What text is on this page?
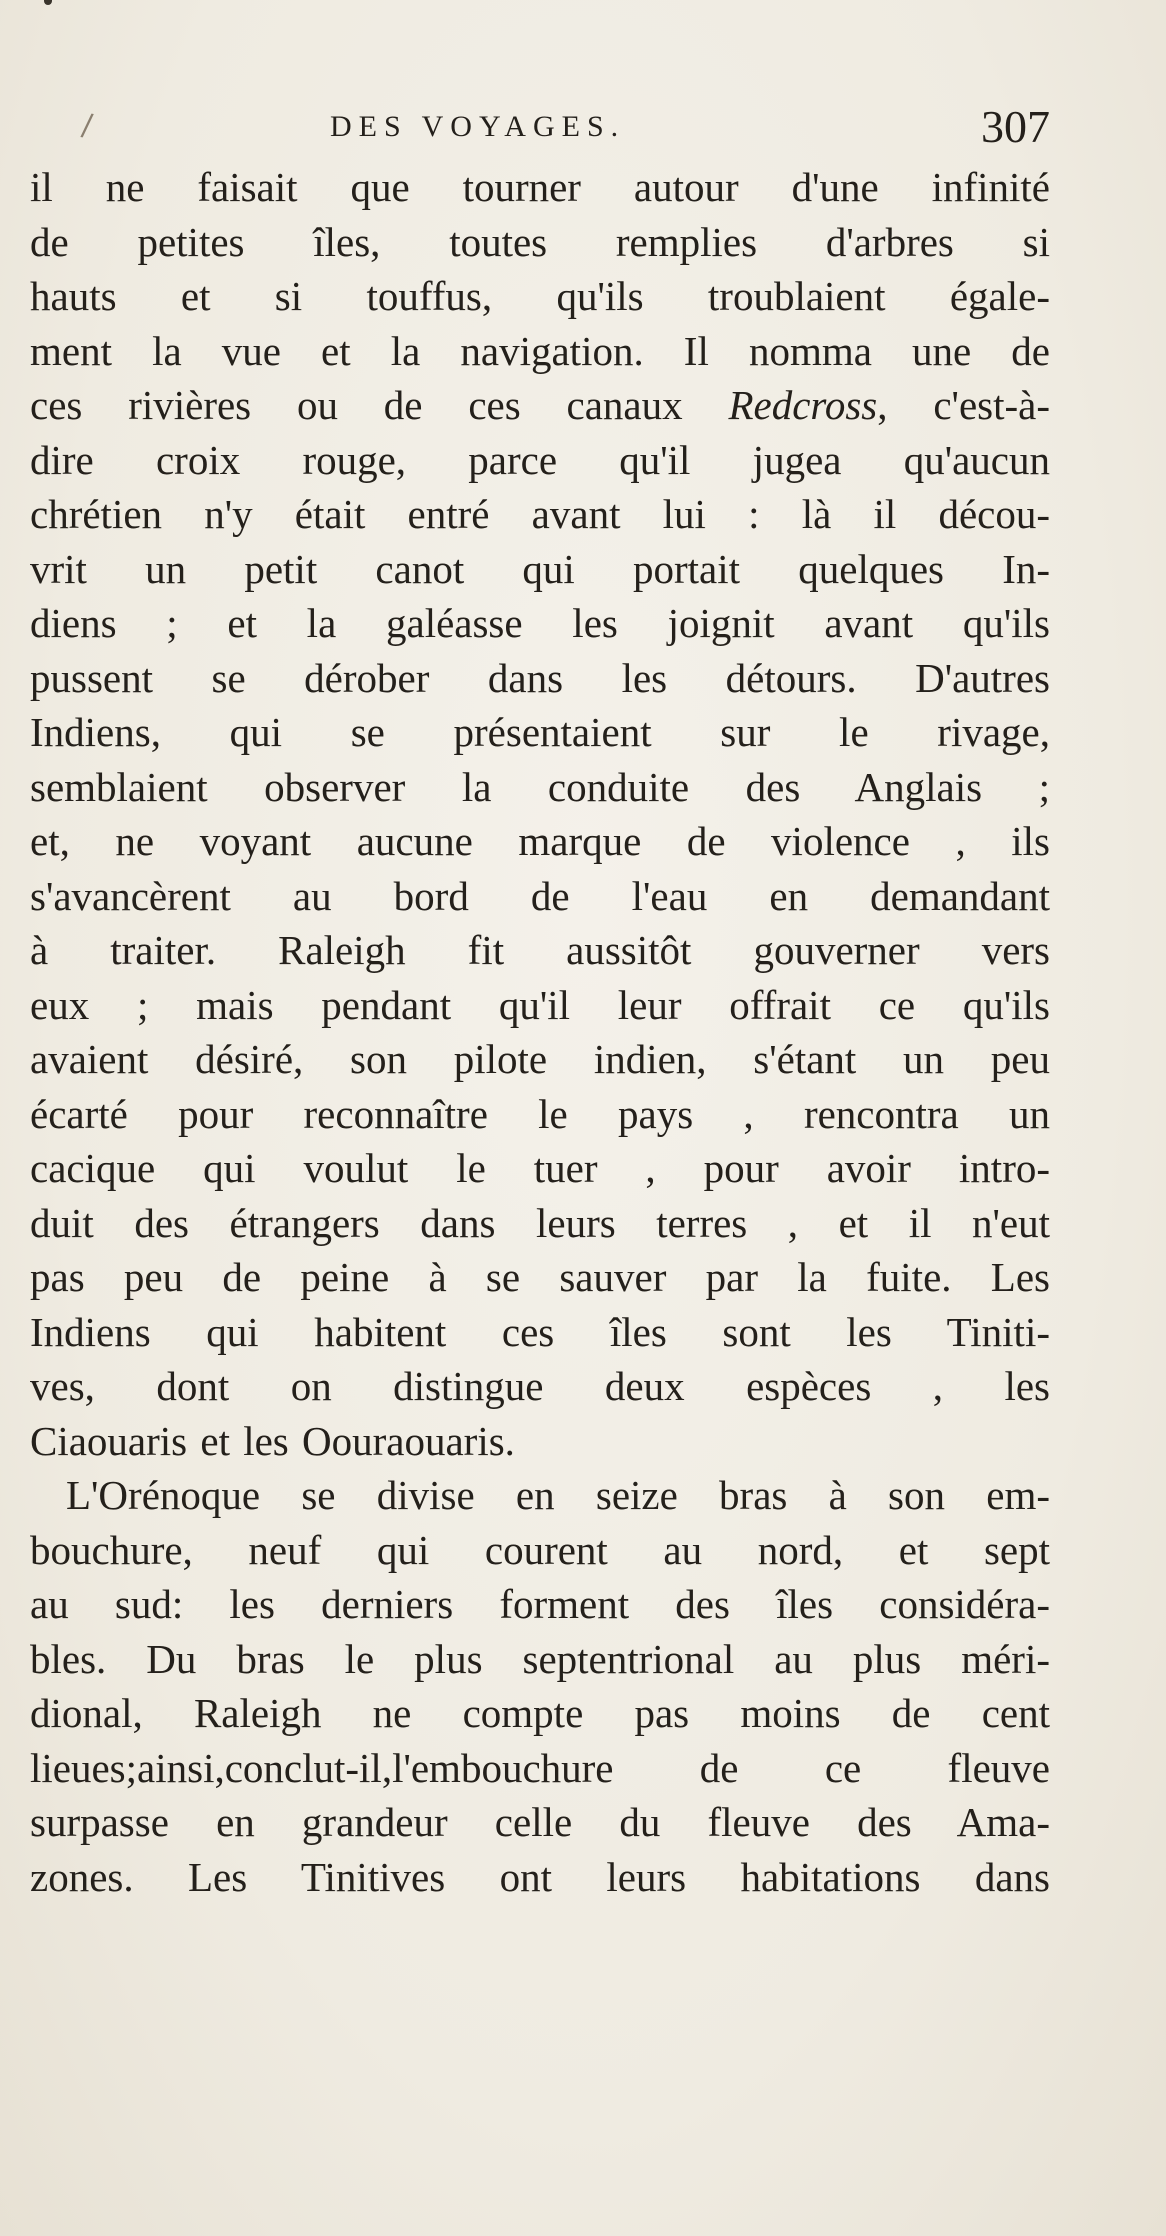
/	DES VOYAGES.	307
il ne faisait que tourner autour d'une infinité
de petites îles, toutes remplies d'arbres si
hauts et si touffus, qu'ils troublaient égale-
ment la vue et la navigation. Il nomma une de
ces rivières ou de ces canaux Redcross, c'est-à-
dire croix rouge, parce qu'il jugea qu'aucun
chrétien n'y était entré avant lui : là il décou-
vrit un petit canot qui portait quelques In-
diens ; et la galéasse les joignit avant qu'ils
pussent se dérober dans les détours. D'autres
Indiens, qui se présentaient sur le rivage,
semblaient observer la conduite des Anglais ;
et, ne voyant aucune marque de violence , ils
s'avancèrent au bord de l'eau en demandant
à traiter. Raleigh fit aussitôt gouverner vers
eux ; mais pendant qu'il leur offrait ce qu'ils
avaient désiré, son pilote indien, s'étant un peu
écarté pour reconnaître le pays , rencontra un
cacique qui voulut le tuer , pour avoir intro-
duit des étrangers dans leurs terres , et il n'eut
pas peu de peine à se sauver par la fuite. Les
Indiens qui habitent ces îles sont les Tiniti-
ves, dont on distingue deux espèces , les
Ciaouaris et les Oouraouaris.
L'Orénoque se divise en seize bras à son em-
bouchure, neuf qui courent au nord, et sept
au sud: les derniers forment des îles considéra-
bles. Du bras le plus septentrional au plus méri-
dional, Raleigh ne compte pas moins de cent
lieues;ainsi,conclut-il,l'embouchure de ce fleuve
surpasse en grandeur celle du fleuve des Ama-
zones. Les Tinitives ont leurs habitations dans
